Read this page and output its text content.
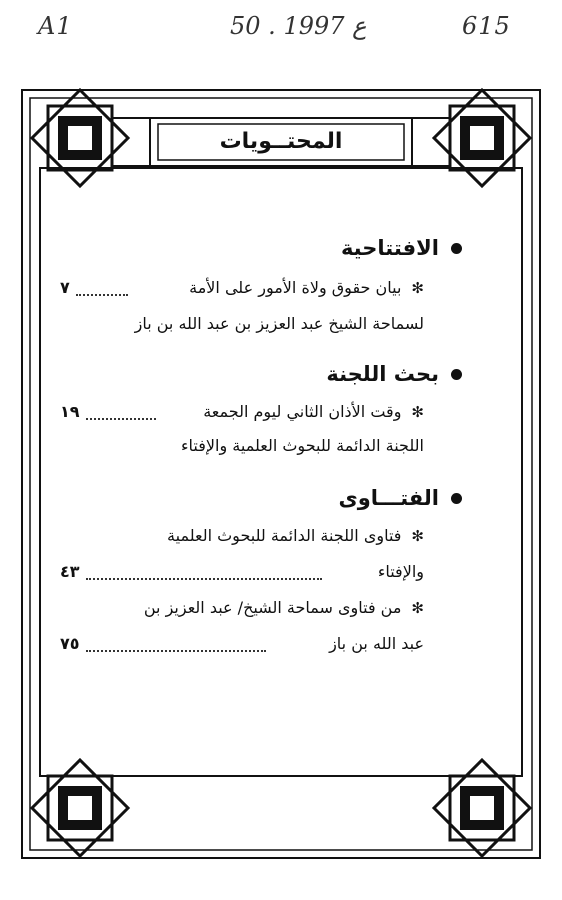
A1	50 . ع 1997	615
المحتــويات
الافتتاحية
✻بيان حقوق ولاة الأمور على الأمة
٧
لسماحة الشيخ عبد العزيز بن عبد الله بن باز
بحث اللجنة
✻وقت الأذان الثاني ليوم الجمعة
١٩
اللجنة الدائمة للبحوث العلمية والإفتاء
الفتـــاوى
✻فتاوى اللجنة الدائمة للبحوث العلمية
والإفتاء
٤٣
✻من فتاوى سماحة الشيخ/ عبد العزيز بن
عبد الله بن باز
٧٥
